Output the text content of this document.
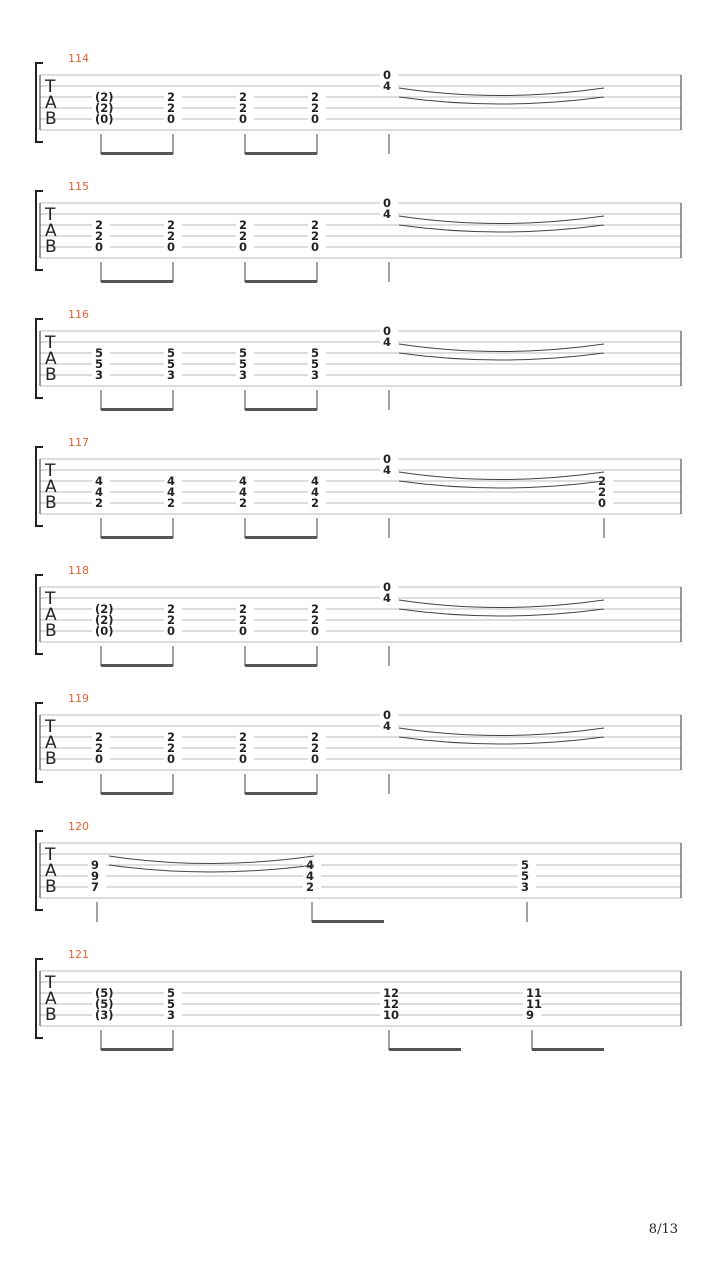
T
A
B
114
(2)
(2)
(0)
2
2
0
2
2
0
2
2
0
0
4
T
A
B
115
2
2
0
2
2
0
2
2
0
2
2
0
0
4
T
A
B
116
5
5
3
5
5
3
5
5
3
5
5
3
0
4
T
A
B
117
4
4
2
4
4
2
4
4
2
4
4
2
0
4
2
2
0
T
A
B
118
(2)
(2)
(0)
2
2
0
2
2
0
2
2
0
0
4
T
A
B
119
2
2
0
2
2
0
2
2
0
2
2
0
0
4
T
A
B
120
9
9
7
4
4
2
5
5
3
T
A
B
121
(5)
(5)
(3)
5
5
3
12
12
10
11
11
9
8/13
